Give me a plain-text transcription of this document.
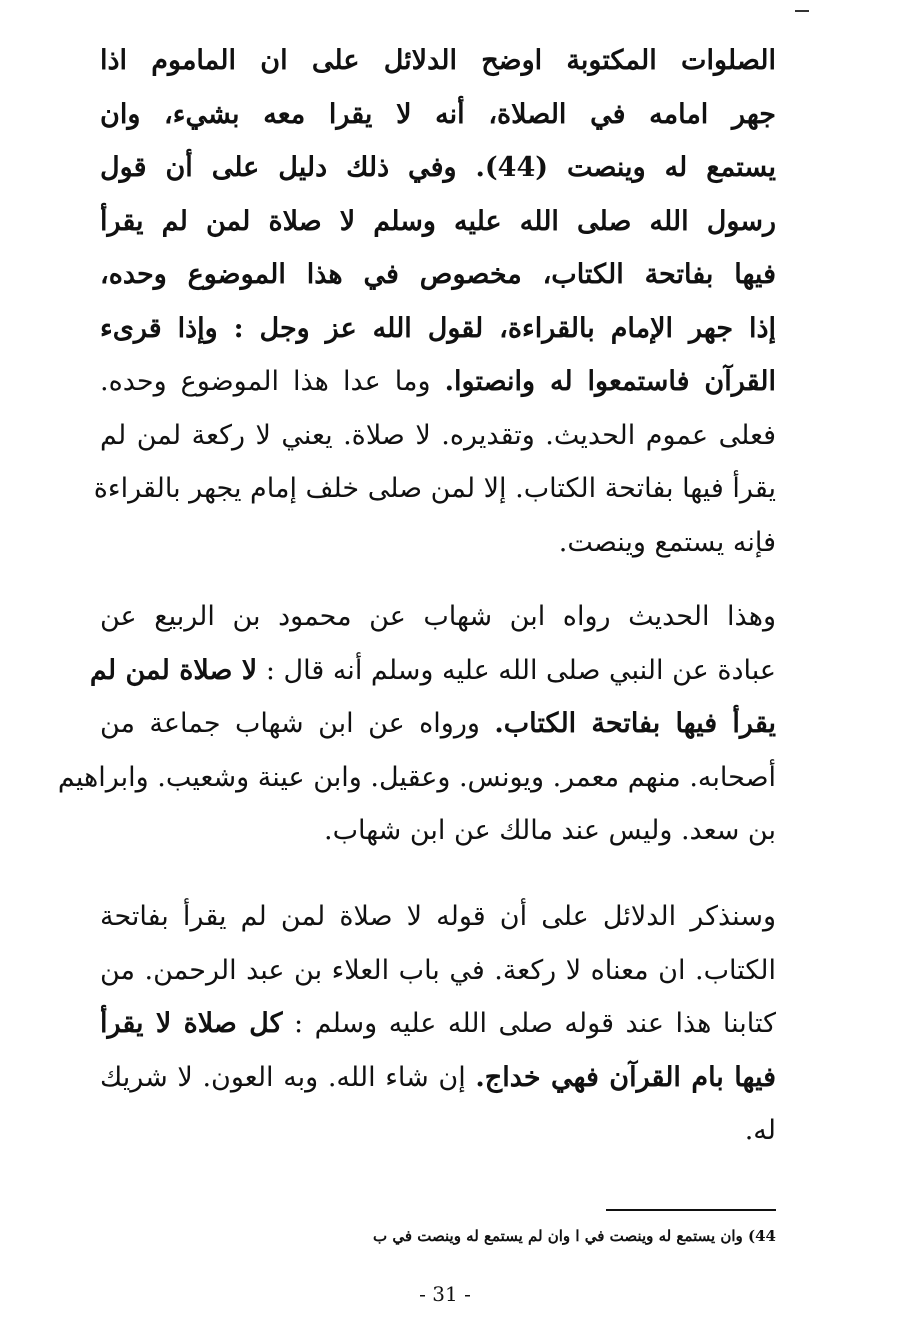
الصلوات المكتوبة اوضح الدلائل على ان الماموم اذا
جهر امامه في الصلاة، أنه لا يقرا معه بشيء، وان
يستمع له وينصت (44). وفي ذلك دليل على أن قول
رسول الله صلى الله عليه وسلم لا صلاة لمن لم يقرأ
فيها بفاتحة الكتاب، مخصوص في هذا الموضوع وحده،
إذا جهر الإمام بالقراءة، لقول الله عز وجل : وإذا قرىء
القرآن فاستمعوا له وانصتوا. وما عدا هذا الموضوع وحده.
فعلى عموم الحديث. وتقديره. لا صلاة. يعني لا ركعة لمن لم
يقرأ فيها بفاتحة الكتاب. إلا لمن صلى خلف إمام يجهر بالقراءة
فإنه يستمع وينصت.
وهذا الحديث رواه ابن شهاب عن محمود بن الربيع عن
عبادة عن النبي صلى الله عليه وسلم أنه قال : لا صلاة لمن لم
يقرأ فيها بفاتحة الكتاب. ورواه عن ابن شهاب جماعة من
أصحابه. منهم معمر. ويونس. وعقيل. وابن عينة وشعيب. وابراهيم
بن سعد. وليس عند مالك عن ابن شهاب.
وسنذكر الدلائل على أن قوله لا صلاة لمن لم يقرأ بفاتحة
الكتاب. ان معناه لا ركعة. في باب العلاء بن عبد الرحمن. من
كتابنا هذا عند قوله صلى الله عليه وسلم : كل صلاة لا يقرأ
فيها بام القرآن فهي خداج. إن شاء الله. وبه العون. لا شريك
له.
44) وان يستمع له وينصت في ا وان لم يستمع له وينصت في ب
- 31 -
